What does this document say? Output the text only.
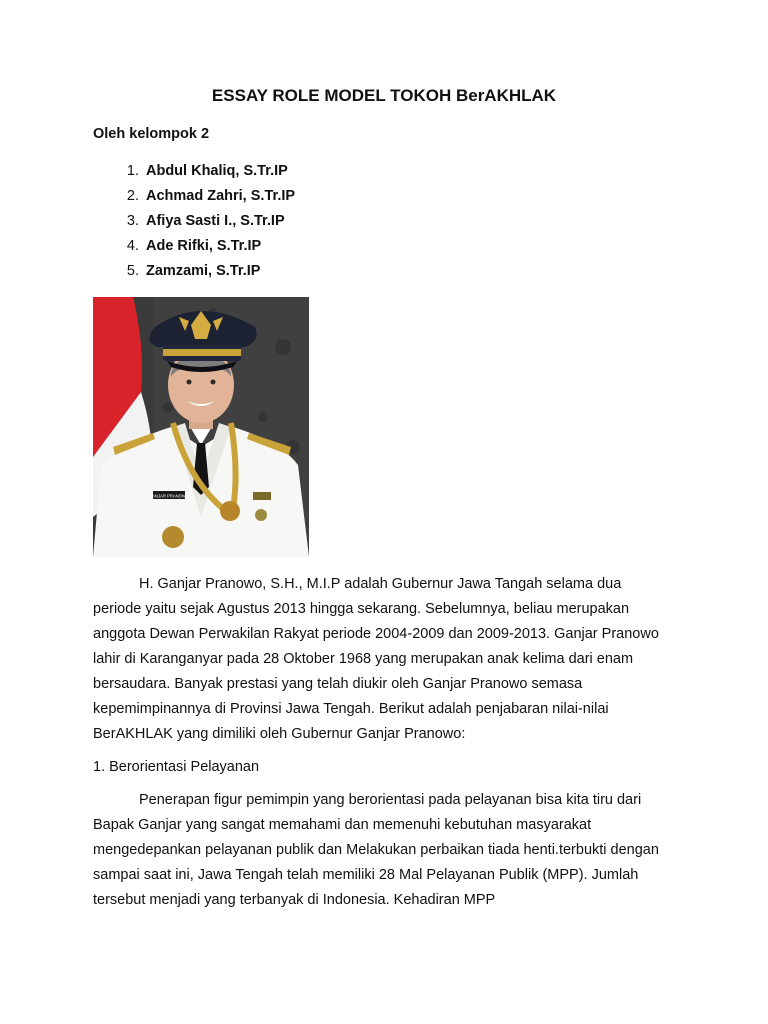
ESSAY ROLE MODEL TOKOH BerAKHLAK

Oleh kelompok 2

1. Abdul Khaliq, S.Tr.IP
2. Achmad Zahri, S.Tr.IP
3. Afiya Sasti I., S.Tr.IP
4. Ade Rifki, S.Tr.IP
5. Zamzami, S.Tr.IP
GANJAR PRANOWO

H. Ganjar Pranowo, S.H., M.I.P adalah Gubernur Jawa Tangah selama dua periode yaitu sejak Agustus 2013 hingga sekarang. Sebelumnya, beliau merupakan anggota Dewan Perwakilan Rakyat periode 2004-2009 dan 2009-2013. Ganjar Pranowo lahir di Karanganyar pada 28 Oktober 1968 yang merupakan anak kelima dari enam bersaudara. Banyak prestasi yang telah diukir oleh Ganjar Pranowo semasa kepemimpinannya di Provinsi Jawa Tengah. Berikut adalah penjabaran nilai-nilai BerAKHLAK yang dimiliki oleh Gubernur Ganjar Pranowo:

1. Berorientasi Pelayanan

Penerapan figur pemimpin yang berorientasi pada pelayanan bisa kita tiru dari Bapak Ganjar yang sangat memahami dan memenuhi kebutuhan masyarakat mengedepankan pelayanan publik dan Melakukan perbaikan tiada henti.terbukti dengan sampai saat ini, Jawa Tengah telah memiliki 28 Mal Pelayanan Publik (MPP). Jumlah tersebut menjadi yang terbanyak di Indonesia. Kehadiran MPP
